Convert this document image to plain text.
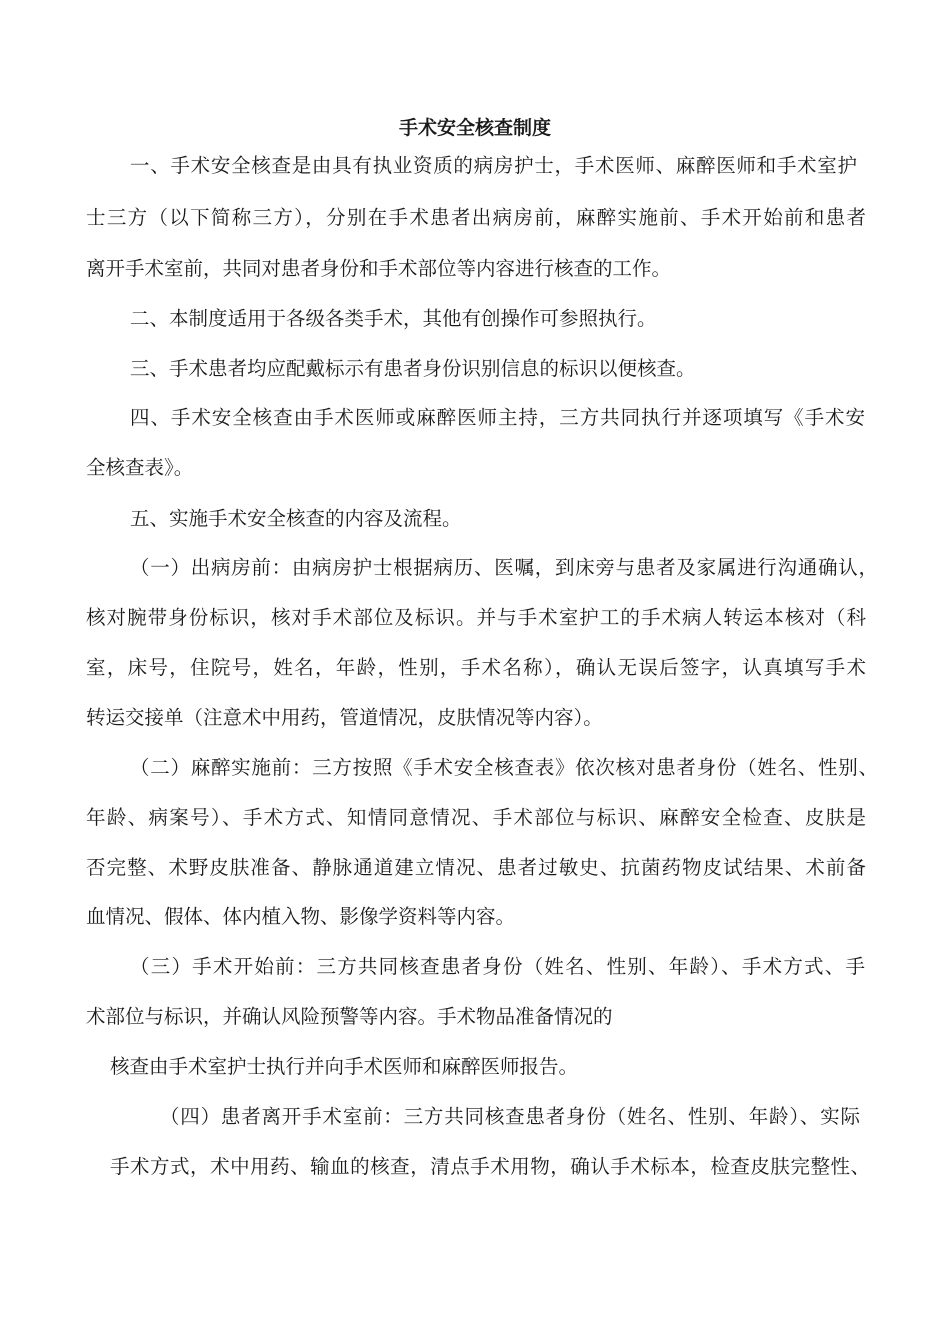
手术安全核查制度
一、手术安全核查是由具有执业资质的病房护士，手术医师、麻醉医师和手术室护
士三方（以下简称三方），分别在手术患者出病房前，麻醉实施前、手术开始前和患者
离开手术室前，共同对患者身份和手术部位等内容进行核查的工作。
二、本制度适用于各级各类手术，其他有创操作可参照执行。
三、手术患者均应配戴标示有患者身份识别信息的标识以便核查。
四、手术安全核查由手术医师或麻醉医师主持，三方共同执行并逐项填写《手术安
全核查表》。
五、实施手术安全核查的内容及流程。
（一）出病房前：由病房护士根据病历、医嘱，到床旁与患者及家属进行沟通确认，
核对腕带身份标识，核对手术部位及标识。并与手术室护工的手术病人转运本核对（科
室，床号，住院号，姓名，年龄，性别，手术名称），确认无误后签字，认真填写手术
转运交接单（注意术中用药，管道情况，皮肤情况等内容）。
（二）麻醉实施前：三方按照《手术安全核查表》依次核对患者身份（姓名、性别、
年龄、病案号）、手术方式、知情同意情况、手术部位与标识、麻醉安全检查、皮肤是
否完整、术野皮肤准备、静脉通道建立情况、患者过敏史、抗菌药物皮试结果、术前备
血情况、假体、体内植入物、影像学资料等内容。
（三）手术开始前：三方共同核查患者身份（姓名、性别、年龄）、手术方式、手
术部位与标识，并确认风险预警等内容。手术物品准备情况的
核查由手术室护士执行并向手术医师和麻醉医师报告。
（四）患者离开手术室前：三方共同核查患者身份（姓名、性别、年龄）、实际
手术方式，术中用药、输血的核查，清点手术用物，确认手术标本，检查皮肤完整性、
